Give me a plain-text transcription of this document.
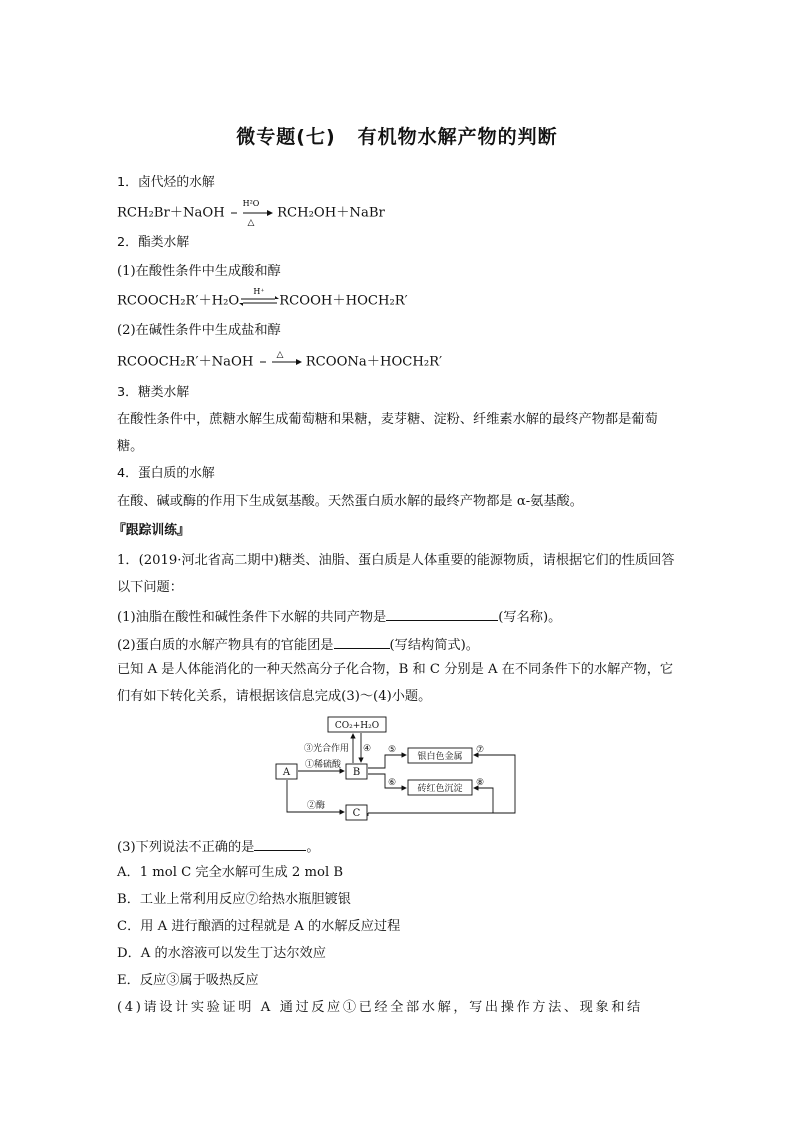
微专题(七) 有机物水解产物的判断
1．卤代烃的水解
RCH₂Br＋NaOH
H²O
△
RCH₂OH＋NaBr
2．酯类水解
(1)在酸性条件中生成酸和醇
RCOOCH₂R′＋H₂O
H⁺
RCOOH＋HOCH₂R′
(2)在碱性条件中生成盐和醇
RCOOCH₂R′＋NaOH	△ RCOONa＋HOCH₂R′
3．糖类水解
在酸性条件中，蔗糖水解生成葡萄糖和果糖，麦芽糖、淀粉、纤维素水解的最终产物都是葡萄糖。
4．蛋白质的水解
在酸、碱或酶的作用下生成氨基酸。天然蛋白质水解的最终产物都是 α-氨基酸。
『跟踪训练』
1．(2019·河北省高二期中)糖类、油脂、蛋白质是人体重要的能源物质，请根据它们的性质回答以下问题：
(1)油脂在酸性和碱性条件下水解的共同产物是	(写名称)。
(2)蛋白质的水解产物具有的官能团是	(写结构简式)。
已知 A 是人体能消化的一种天然高分子化合物，B 和 C 分别是 A 在不同条件下的水解产物，它们有如下转化关系，请根据该信息完成(3)～(4)小题。
CO₂+H₂O
A	B
C
银白色金属
砖红色沉淀
③光合作用 ④
①稀硫酸
②酶
⑤
⑥
⑦
⑧
(3)下列说法不正确的是	。
A．1 mol C 完全水解可生成 2 mol B
B．工业上常利用反应⑦给热水瓶胆镀银
C．用 A 进行酿酒的过程就是 A 的水解反应过程
D．A 的水溶液可以发生丁达尔效应
E．反应③属于吸热反应
(4)请设计实验证明 A 通过反应①已经全部水解，写出操作方法、现象和结
